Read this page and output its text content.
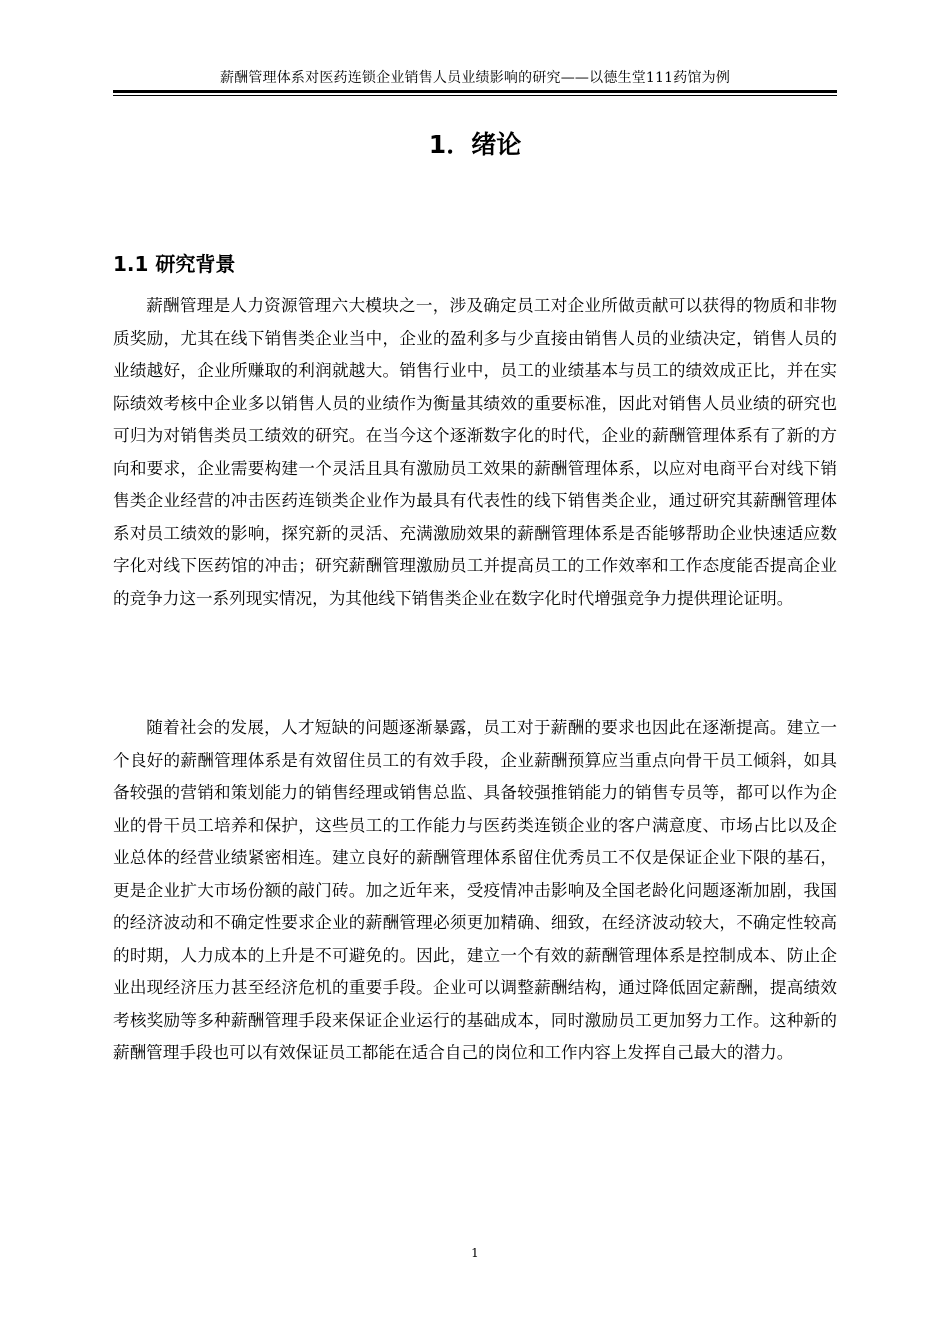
薪酬管理体系对医药连锁企业销售人员业绩影响的研究——以德生堂111药馆为例
1．绪论
1.1 研究背景

薪酬管理是人力资源管理六大模块之一，涉及确定员工对企业所做贡献可以获得的物质和非物质奖励，尤其在线下销售类企业当中，企业的盈利多与少直接由销售人员的业绩决定，销售人员的业绩越好，企业所赚取的利润就越大。销售行业中，员工的业绩基本与员工的绩效成正比，并在实际绩效考核中企业多以销售人员的业绩作为衡量其绩效的重要标准，因此对销售人员业绩的研究也可归为对销售类员工绩效的研究。在当今这个逐渐数字化的时代，企业的薪酬管理体系有了新的方向和要求，企业需要构建一个灵活且具有激励员工效果的薪酬管理体系，以应对电商平台对线下销售类企业经营的冲击医药连锁类企业作为最具有代表性的线下销售类企业，通过研究其薪酬管理体系对员工绩效的影响，探究新的灵活、充满激励效果的薪酬管理体系是否能够帮助企业快速适应数字化对线下医药馆的冲击；研究薪酬管理激励员工并提高员工的工作效率和工作态度能否提高企业的竞争力这一系列现实情况，为其他线下销售类企业在数字化时代增强竞争力提供理论证明。

随着社会的发展，人才短缺的问题逐渐暴露，员工对于薪酬的要求也因此在逐渐提高。建立一个良好的薪酬管理体系是有效留住员工的有效手段，企业薪酬预算应当重点向骨干员工倾斜，如具备较强的营销和策划能力的销售经理或销售总监、具备较强推销能力的销售专员等，都可以作为企业的骨干员工培养和保护，这些员工的工作能力与医药类连锁企业的客户满意度、市场占比以及企业总体的经营业绩紧密相连。建立良好的薪酬管理体系留住优秀员工不仅是保证企业下限的基石，更是企业扩大市场份额的敲门砖。加之近年来，受疫情冲击影响及全国老龄化问题逐渐加剧，我国的经济波动和不确定性要求企业的薪酬管理必须更加精确、细致，在经济波动较大，不确定性较高的时期，人力成本的上升是不可避免的。因此，建立一个有效的薪酬管理体系是控制成本、防止企业出现经济压力甚至经济危机的重要手段。企业可以调整薪酬结构，通过降低固定薪酬，提高绩效考核奖励等多种薪酬管理手段来保证企业运行的基础成本，同时激励员工更加努力工作。这种新的薪酬管理手段也可以有效保证员工都能在适合自己的岗位和工作内容上发挥自己最大的潜力。

1
